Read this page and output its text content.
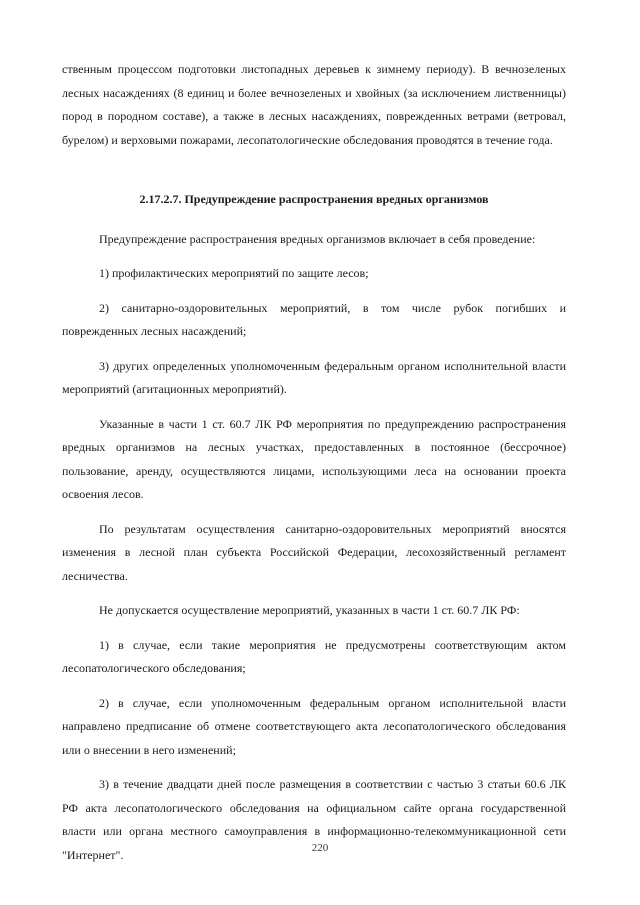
ственным процессом подготовки листопадных деревьев к зимнему периоду). В вечнозеленых лесных насаждениях (8 единиц и более вечнозеленых и хвойных (за исключением лиственницы) пород в породном составе), а также в лесных насаждениях, поврежденных ветрами (ветровал, бурелом) и верховыми пожарами, лесопатологические обследования проводятся в течение года.

2.17.2.7. Предупреждение распространения вредных организмов

Предупреждение распространения вредных организмов включает в себя проведение:

1) профилактических мероприятий по защите лесов;

2) санитарно-оздоровительных мероприятий, в том числе рубок погибших и поврежденных лесных насаждений;

3) других определенных уполномоченным федеральным органом исполнительной власти мероприятий (агитационных мероприятий).

Указанные в части 1 ст. 60.7 ЛК РФ мероприятия по предупреждению распространения вредных организмов на лесных участках, предоставленных в постоянное (бессрочное) пользование, аренду, осуществляются лицами, использующими леса на основании проекта освоения лесов.

По результатам осуществления санитарно-оздоровительных мероприятий вносятся изменения в лесной план субъекта Российской Федерации, лесохозяйственный регламент лесничества.

Не допускается осуществление мероприятий, указанных в части 1 ст. 60.7 ЛК РФ:

1) в случае, если такие мероприятия не предусмотрены соответствующим актом лесопатологического обследования;

2) в случае, если уполномоченным федеральным органом исполнительной власти направлено предписание об отмене соответствующего акта лесопатологического обследования или о внесении в него изменений;

3) в течение двадцати дней после размещения в соответствии с частью 3 статьи 60.6 ЛК РФ акта лесопатологического обследования на официальном сайте органа государственной власти или органа местного самоуправления в информационно-телекоммуникационной сети "Интернет".	220
